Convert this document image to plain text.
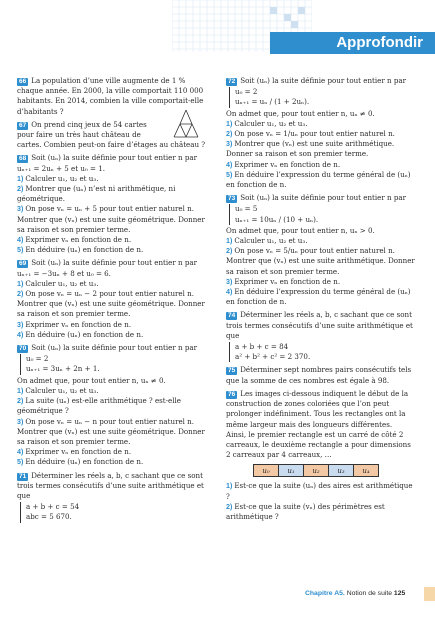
Approfondir

66 La population d’une ville augmente de 1 % chaque année. En 2000, la ville comportait 110 000 habitants. En 2014, combien la ville comportait-elle d’habitants ?

67 On prend cinq jeux de 54 cartes pour faire un très haut château de cartes. Combien peut-on faire d’étages au château ?

68 Soit (uₙ) la suite définie pour tout entier n par uₙ₊₁ = 2uₙ + 5 et u₀ = 1.

1) Calculer u₁, u₂ et u₃.

2) Montrer que (uₙ) n’est ni arithmétique, ni géométrique.

3) On pose vₙ = uₙ + 5 pour tout entier naturel n. Montrer que (vₙ) est une suite géométrique. Donner sa raison et son premier terme.

4) Exprimer vₙ en fonction de n.

5) En déduire (uₙ) en fonction de n.

69 Soit (uₙ) la suite définie pour tout entier n par uₙ₊₁ = −3uₙ + 8 et u₀ = 6.

1) Calculer u₁, u₂ et u₃.

2) On pose vₙ = uₙ − 2 pour tout entier naturel n. Montrer que (vₙ) est une suite géométrique. Donner sa raison et son premier terme.

3) Exprimer vₙ en fonction de n.

4) En déduire (uₙ) en fonction de n.

70 Soit (uₙ) la suite définie pour tout entier n par

u₀ = 2
uₙ₊₁ = 3uₙ + 2n + 1.

On admet que, pour tout entier n, uₙ ≠ 0.

1) Calculer u₁, u₂ et u₃.

2) La suite (uₙ) est-elle arithmétique ? est-elle géométrique ?

3) On pose vₙ = uₙ − n pour tout entier naturel n. Montrer que (vₙ) est une suite géométrique. Donner sa raison et son premier terme.

4) Exprimer vₙ en fonction de n.

5) En déduire (uₙ) en fonction de n.

71 Déterminer les réels a, b, c sachant que ce sont trois termes consécutifs d’une suite arithmétique et que

a + b + c = 54
abc = 5 670.

72 Soit (uₙ) la suite définie pour tout entier n par

u₀ = 2
uₙ₊₁ = uₙ / (1 + 2uₙ).

On admet que, pour tout entier n, uₙ ≠ 0.

1) Calculer u₁, u₂ et u₃.

2) On pose vₙ = 1/uₙ pour tout entier naturel n.

3) Montrer que (vₙ) est une suite arithmétique. Donner sa raison et son premier terme.

4) Exprimer vₙ en fonction de n.

5) En déduire l’expression du terme général de (uₙ) en fonction de n.

73 Soit (uₙ) la suite définie pour tout entier n par

u₀ = 5
uₙ₊₁ = 10uₙ / (10 + uₙ).

On admet que, pour tout entier n, uₙ > 0.

1) Calculer u₁, u₂ et u₃.

2) On pose vₙ = 5/uₙ pour tout entier naturel n. Montrer que (vₙ) est une suite arithmétique. Donner sa raison et son premier terme.

3) Exprimer vₙ en fonction de n.

4) En déduire l’expression du terme général de (uₙ) en fonction de n.

74 Déterminer les réels a, b, c sachant que ce sont trois termes consécutifs d’une suite arithmétique et que

a + b + c = 84
a² + b² + c² = 2 370.

75 Déterminer sept nombres pairs consécutifs tels que la somme de ces nombres est égale à 98.

76 Les images ci-dessous indiquent le début de la construction de zones coloriées que l’on peut prolonger indéfiniment. Tous les rectangles ont la même largeur mais des longueurs différentes.

Ainsi, le premier rectangle est un carré de côté 2 carreaux, le deuxième rectangle a pour dimensions 2 carreaux par 4 carreaux, …

u₀	u₁	u₂	u₃	u₄

1) Est-ce que la suite (uₙ) des aires est arithmétique ?

2) Est-ce que la suite (vₙ) des périmètres est arithmétique ?

Chapitre A5. Notion de suite 125
